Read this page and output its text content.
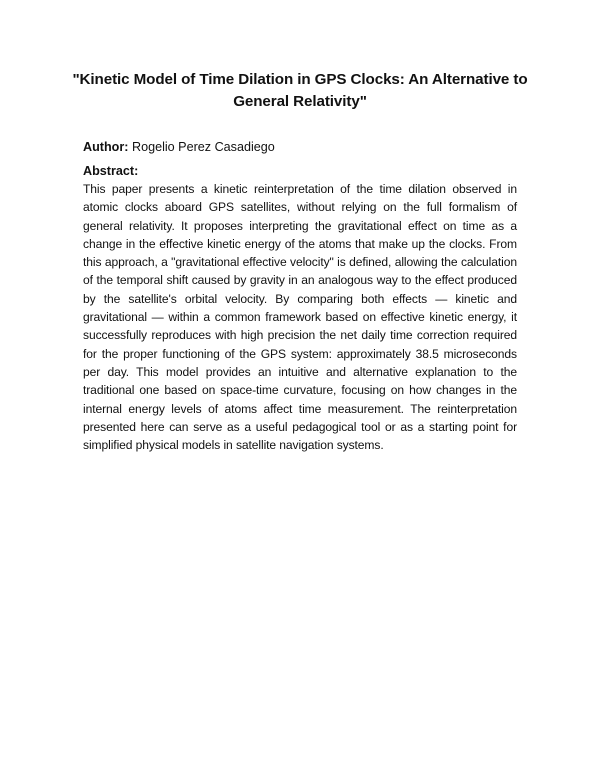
"Kinetic Model of Time Dilation in GPS Clocks: An Alternative to General Relativity"
Author: Rogelio Perez Casadiego
Abstract:
This paper presents a kinetic reinterpretation of the time dilation observed in atomic clocks aboard GPS satellites, without relying on the full formalism of general relativity. It proposes interpreting the gravitational effect on time as a change in the effective kinetic energy of the atoms that make up the clocks. From this approach, a "gravitational effective velocity" is defined, allowing the calculation of the temporal shift caused by gravity in an analogous way to the effect produced by the satellite's orbital velocity. By comparing both effects — kinetic and gravitational — within a common framework based on effective kinetic energy, it successfully reproduces with high precision the net daily time correction required for the proper functioning of the GPS system: approximately 38.5 microseconds per day. This model provides an intuitive and alternative explanation to the traditional one based on space-time curvature, focusing on how changes in the internal energy levels of atoms affect time measurement. The reinterpretation presented here can serve as a useful pedagogical tool or as a starting point for simplified physical models in satellite navigation systems.
